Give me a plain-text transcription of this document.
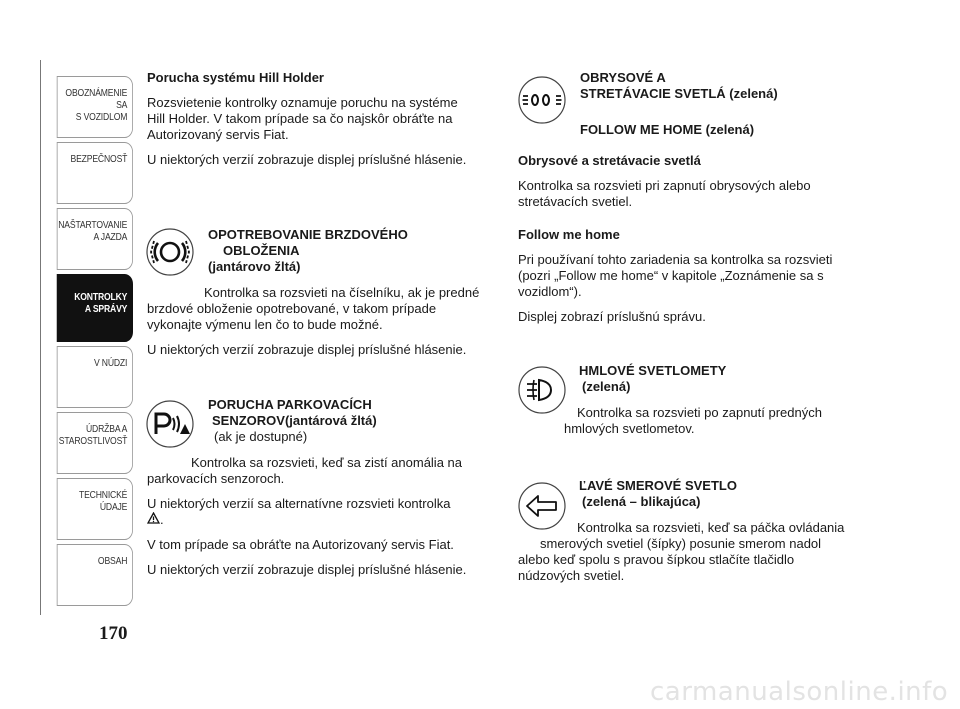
OBOZNÁMENIE SA
S VOZIDLOM
BEZPEČNOSŤ

NAŠTARTOVANIE
A JAZDA
KONTROLKY
A SPRÁVY
V NÚDZI

ÚDRŽBA A
STAROSTLIVOSŤ
TECHNICKÉ
ÚDAJE
OBSAH

170

Porucha systému Hill Holder

Rozsvietenie kontrolky oznamuje poruchu na systéme

Hill Holder. V takom prípade sa čo najskôr obráťte na

Autorizovaný servis Fiat.

U niektorých verzií zobrazuje displej príslušné hlásenie.

OPOTREBOVANIE BRZDOVÉHO

OBLOŽENIA

(jantárovo žltá)

Kontrolka sa rozsvieti na číselníku, ak je predné

brzdové obloženie opotrebované, v takom prípade

vykonajte výmenu len čo to bude možné.

U niektorých verzií zobrazuje displej príslušné hlásenie.

PORUCHA PARKOVACÍCH

SENZOROV(jantárová žltá)

(ak je dostupné)

Kontrolka sa rozsvieti, keď sa zistí anomália na

parkovacích senzoroch.

U niektorých verzií sa alternatívne rozsvieti kontrolka

.

V tom prípade sa obráťte na Autorizovaný servis Fiat.

U niektorých verzií zobrazuje displej príslušné hlásenie.

OBRYSOVÉ A

STRETÁVACIE SVETLÁ (zelená)

FOLLOW ME HOME (zelená)

Obrysové a stretávacie svetlá

Kontrolka sa rozsvieti pri zapnutí obrysových alebo

stretávacích svetiel.

Follow me home

Pri používaní tohto zariadenia sa kontrolka sa rozsvieti

(pozri „Follow me home“ v kapitole „Zoznámenie sa s

vozidlom“).

Displej zobrazí príslušnú správu.

HMLOVÉ SVETLOMETY

(zelená)

Kontrolka sa rozsvieti po zapnutí predných

hmlových svetlometov.

ĽAVÉ SMEROVÉ SVETLO

(zelená – blikajúca)

Kontrolka sa rozsvieti, keď sa páčka ovládania

smerových svetiel (šípky) posunie smerom nadol

alebo keď spolu s pravou šípkou stlačíte tlačidlo

núdzových svetiel.

carmanualsonline.info
